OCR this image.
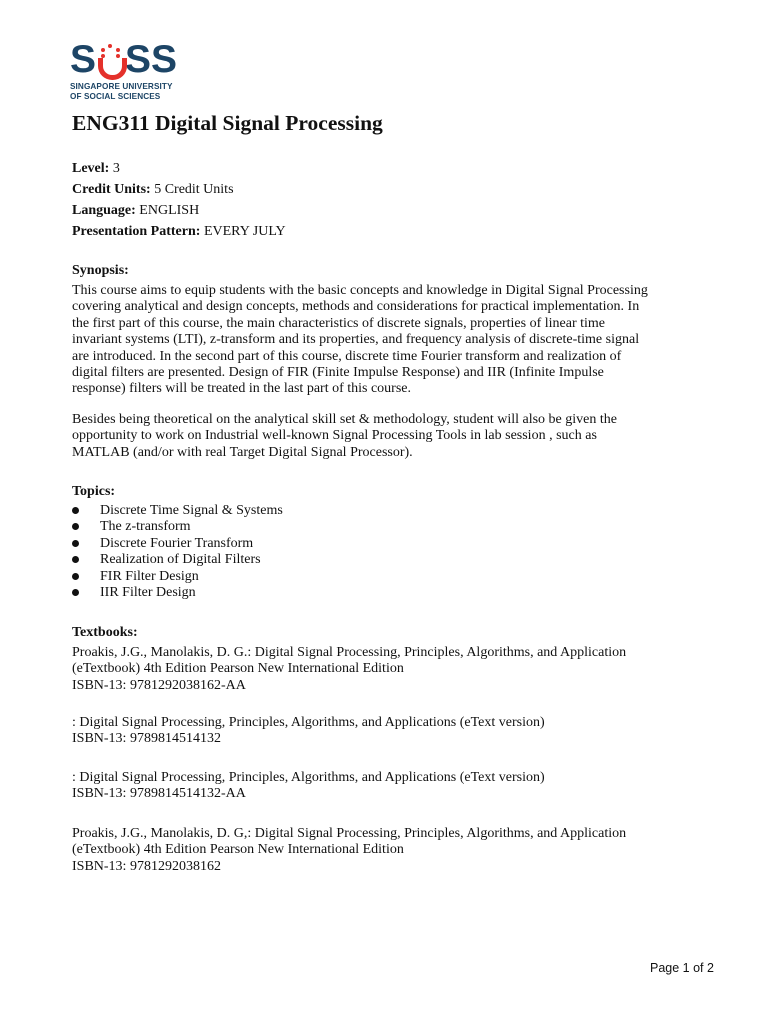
S S S
SINGAPORE UNIVERSITY
OF SOCIAL SCIENCES
ENG311 Digital Signal Processing
Level: 3
Credit Units: 5 Credit Units
Language: ENGLISH
Presentation Pattern: EVERY JULY
Synopsis:
This course aims to equip students with the basic concepts and knowledge in Digital Signal Processing
covering analytical and design concepts, methods and considerations for practical implementation. In
the first part of this course, the main characteristics of discrete signals, properties of linear time
invariant systems (LTI), z-transform and its properties, and frequency analysis of discrete-time signal
are introduced. In the second part of this course, discrete time Fourier transform and realization of
digital filters are presented. Design of FIR (Finite Impulse Response) and IIR (Infinite Impulse
response) filters will be treated in the last part of this course.
Besides being theoretical on the analytical skill set & methodology, student will also be given the
opportunity to work on Industrial well-known Signal Processing Tools in lab session , such as
MATLAB (and/or with real Target Digital Signal Processor).
Topics:
Discrete Time Signal & Systems
The z-transform
Discrete Fourier Transform
Realization of Digital Filters
FIR Filter Design
IIR Filter Design
Textbooks:
Proakis, J.G., Manolakis, D. G.: Digital Signal Processing, Principles, Algorithms, and Application
(eTextbook) 4th Edition Pearson New International Edition
ISBN-13: 9781292038162-AA
: Digital Signal Processing, Principles, Algorithms, and Applications (eText version)
ISBN-13: 9789814514132
: Digital Signal Processing, Principles, Algorithms, and Applications (eText version)
ISBN-13: 9789814514132-AA
Proakis, J.G., Manolakis, D. G,: Digital Signal Processing, Principles, Algorithms, and Application
(eTextbook) 4th Edition Pearson New International Edition
ISBN-13: 9781292038162
Page 1 of 2
